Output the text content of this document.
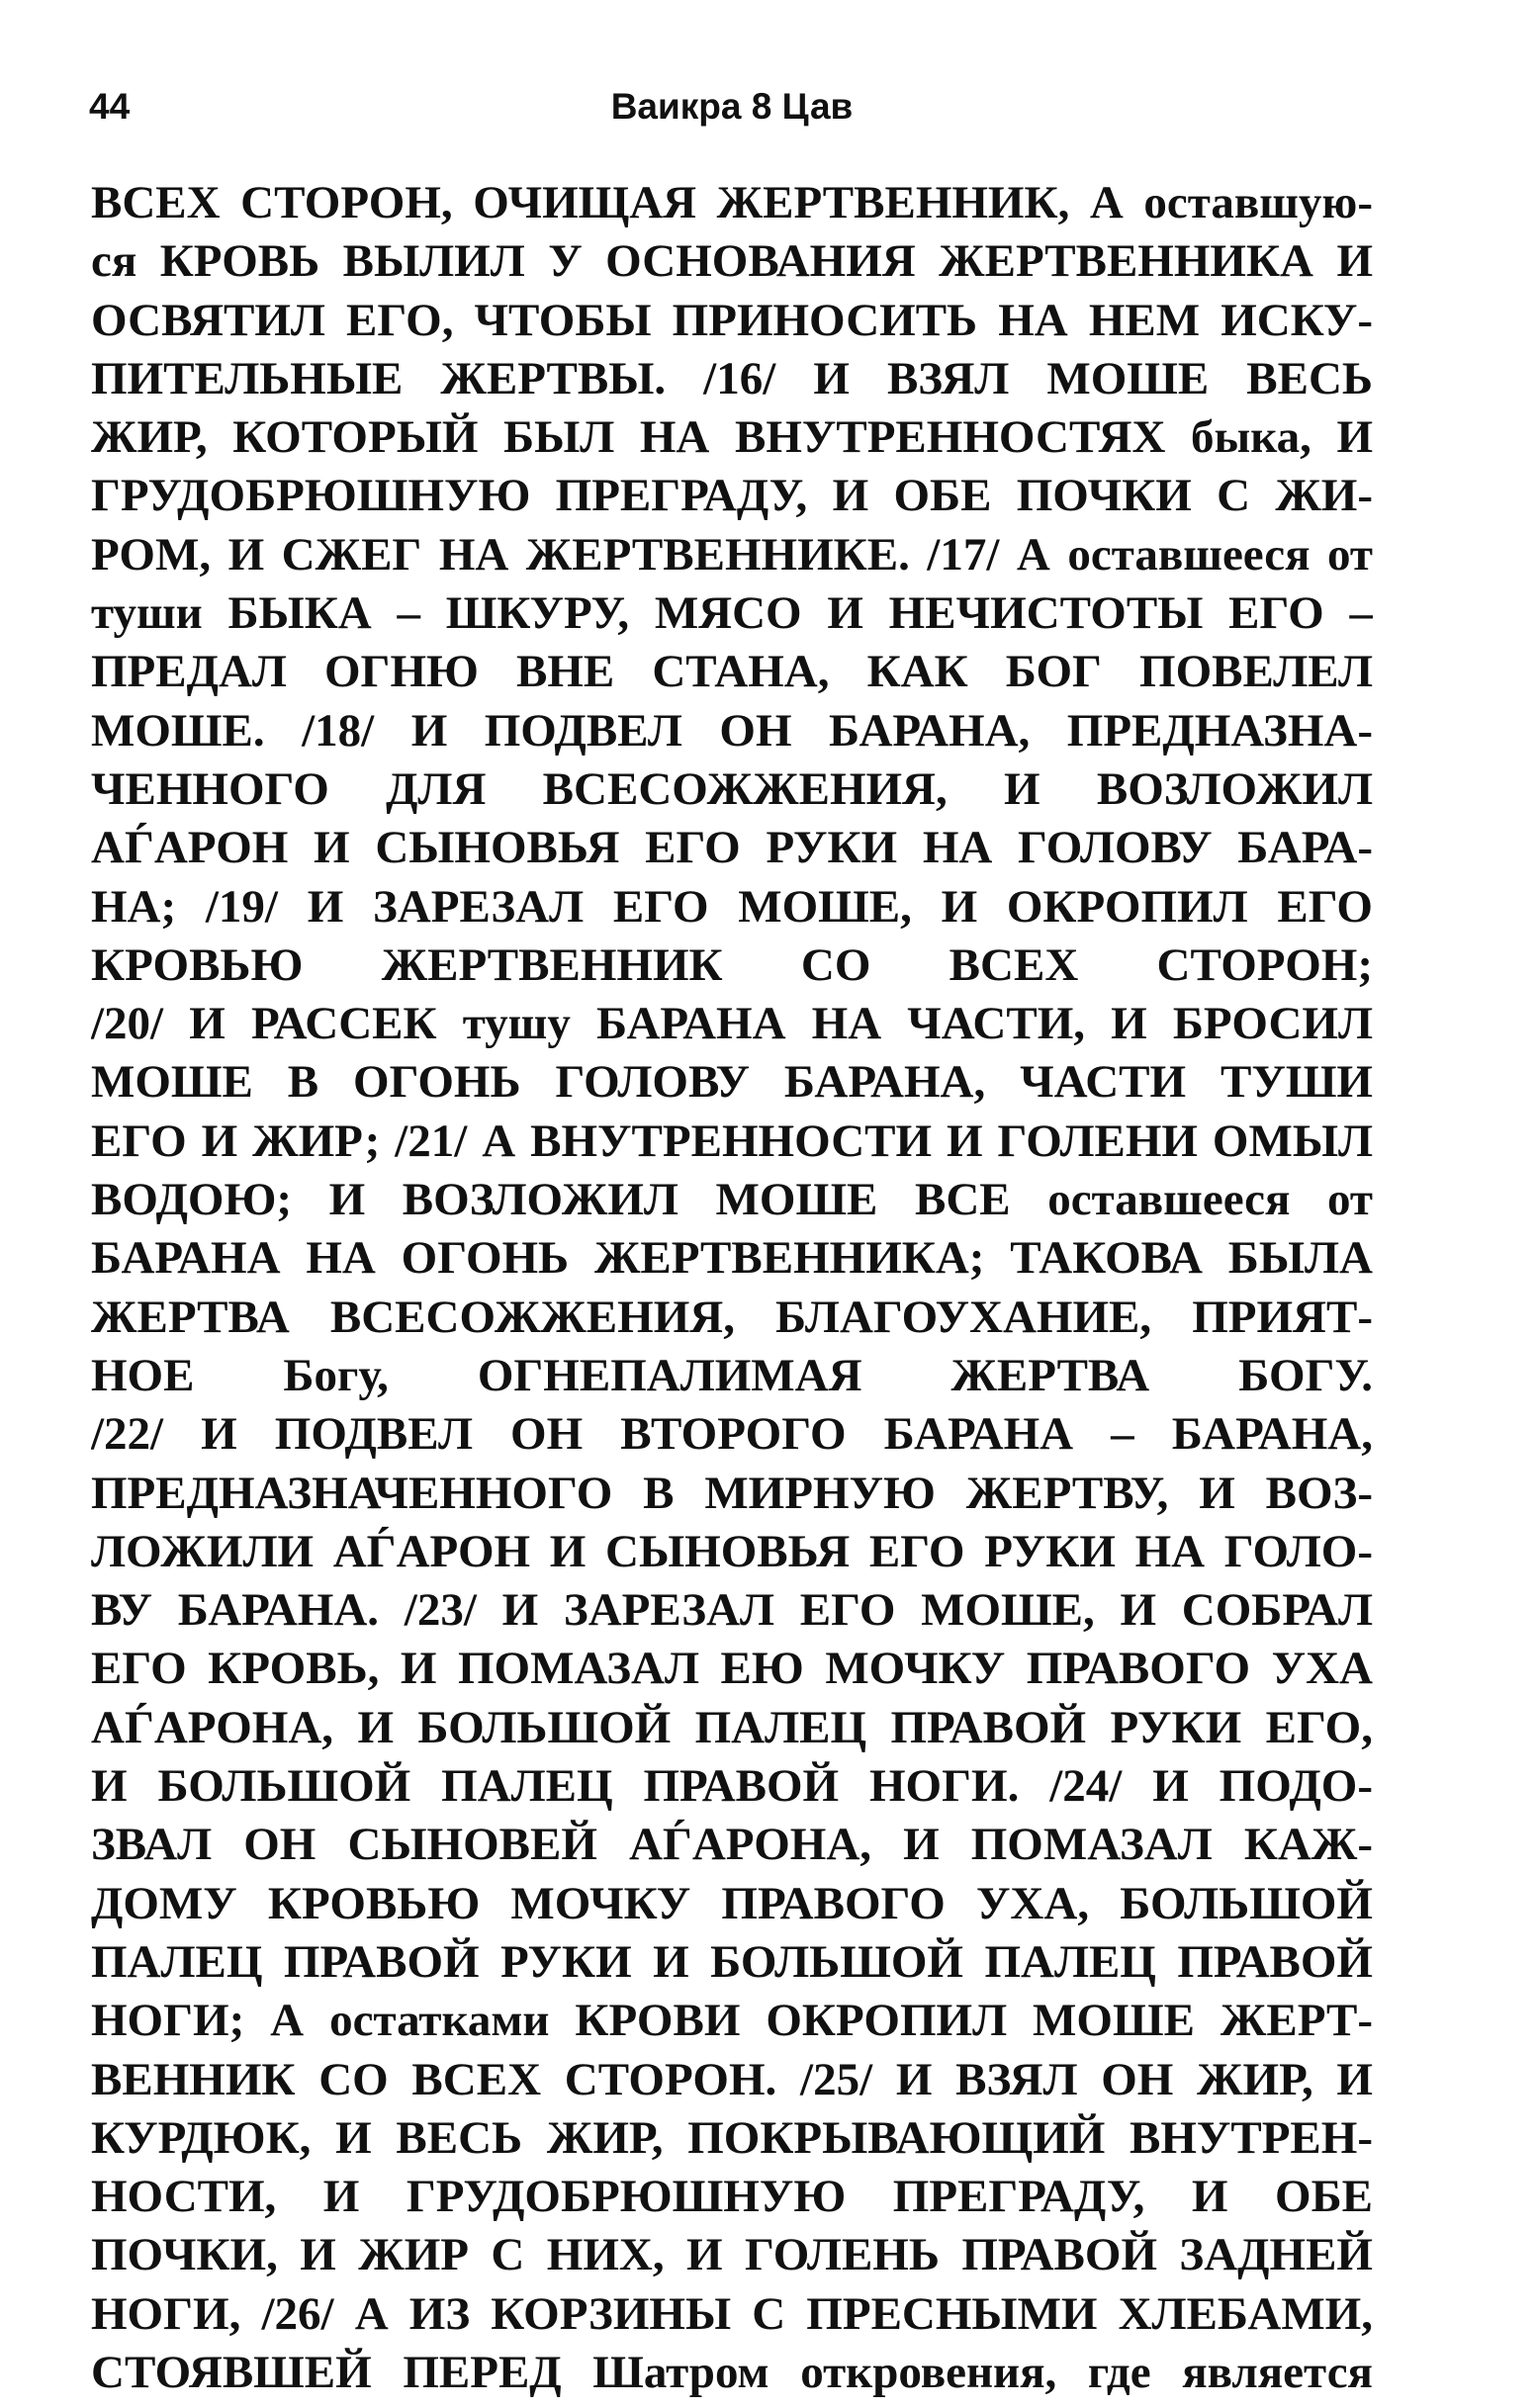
44	Ваикра 8 Цав
ВСЕХ СТОРОН, ОЧИЩАЯ ЖЕРТВЕННИК, А оставшую-
ся КРОВЬ ВЫЛИЛ У ОСНОВАНИЯ ЖЕРТВЕННИКА И
ОСВЯТИЛ ЕГО, ЧТОБЫ ПРИНОСИТЬ НА НЕМ ИСКУ-
ПИТЕЛЬНЫЕ ЖЕРТВЫ. /16/ И ВЗЯЛ МОШЕ ВЕСЬ
ЖИР, КОТОРЫЙ БЫЛ НА ВНУТРЕННОСТЯХ быка, И
ГРУДОБРЮШНУЮ ПРЕГРАДУ, И ОБЕ ПОЧКИ С ЖИ-
РОМ, И СЖЕГ НА ЖЕРТВЕННИКЕ. /17/ А оставшееся от
туши БЫКА – ШКУРУ, МЯСО И НЕЧИСТОТЫ ЕГО –
ПРЕДАЛ ОГНЮ ВНЕ СТАНА, КАК БОГ ПОВЕЛЕЛ
МОШЕ. /18/ И ПОДВЕЛ ОН БАРАНА, ПРЕДНАЗНА-
ЧЕННОГО ДЛЯ ВСЕСОЖЖЕНИЯ, И ВОЗЛОЖИЛ
АЃАРОН И СЫНОВЬЯ ЕГО РУКИ НА ГОЛОВУ БАРА-
НА; /19/ И ЗАРЕЗАЛ ЕГО МОШЕ, И ОКРОПИЛ ЕГО
КРОВЬЮ ЖЕРТВЕННИК СО ВСЕХ СТОРОН;
/20/ И РАССЕК тушу БАРАНА НА ЧАСТИ, И БРОСИЛ
МОШЕ В ОГОНЬ ГОЛОВУ БАРАНА, ЧАСТИ ТУШИ
ЕГО И ЖИР; /21/ А ВНУТРЕННОСТИ И ГОЛЕНИ ОМЫЛ
ВОДОЮ; И ВОЗЛОЖИЛ МОШЕ ВСЕ оставшееся от
БАРАНА НА ОГОНЬ ЖЕРТВЕННИКА; ТАКОВА БЫЛА
ЖЕРТВА ВСЕСОЖЖЕНИЯ, БЛАГОУХАНИЕ, ПРИЯТ-
НОЕ Богу, ОГНЕПАЛИМАЯ ЖЕРТВА БОГУ.
/22/ И ПОДВЕЛ ОН ВТОРОГО БАРАНА – БАРАНА,
ПРЕДНАЗНАЧЕННОГО В МИРНУЮ ЖЕРТВУ, И ВОЗ-
ЛОЖИЛИ АЃАРОН И СЫНОВЬЯ ЕГО РУКИ НА ГОЛО-
ВУ БАРАНА. /23/ И ЗАРЕЗАЛ ЕГО МОШЕ, И СОБРАЛ
ЕГО КРОВЬ, И ПОМАЗАЛ ЕЮ МОЧКУ ПРАВОГО УХА
АЃАРОНА, И БОЛЬШОЙ ПАЛЕЦ ПРАВОЙ РУКИ ЕГО,
И БОЛЬШОЙ ПАЛЕЦ ПРАВОЙ НОГИ. /24/ И ПОДО-
ЗВАЛ ОН СЫНОВЕЙ АЃАРОНА, И ПОМАЗАЛ КАЖ-
ДОМУ КРОВЬЮ МОЧКУ ПРАВОГО УХА, БОЛЬШОЙ
ПАЛЕЦ ПРАВОЙ РУКИ И БОЛЬШОЙ ПАЛЕЦ ПРАВОЙ
НОГИ; А остатками КРОВИ ОКРОПИЛ МОШЕ ЖЕРТ-
ВЕННИК СО ВСЕХ СТОРОН. /25/ И ВЗЯЛ ОН ЖИР, И
КУРДЮК, И ВЕСЬ ЖИР, ПОКРЫВАЮЩИЙ ВНУТРЕН-
НОСТИ, И ГРУДОБРЮШНУЮ ПРЕГРАДУ, И ОБЕ
ПОЧКИ, И ЖИР С НИХ, И ГОЛЕНЬ ПРАВОЙ ЗАДНЕЙ
НОГИ, /26/ А ИЗ КОРЗИНЫ С ПРЕСНЫМИ ХЛЕБАМИ,
СТОЯВШЕЙ ПЕРЕД Шатром откровения, где является
